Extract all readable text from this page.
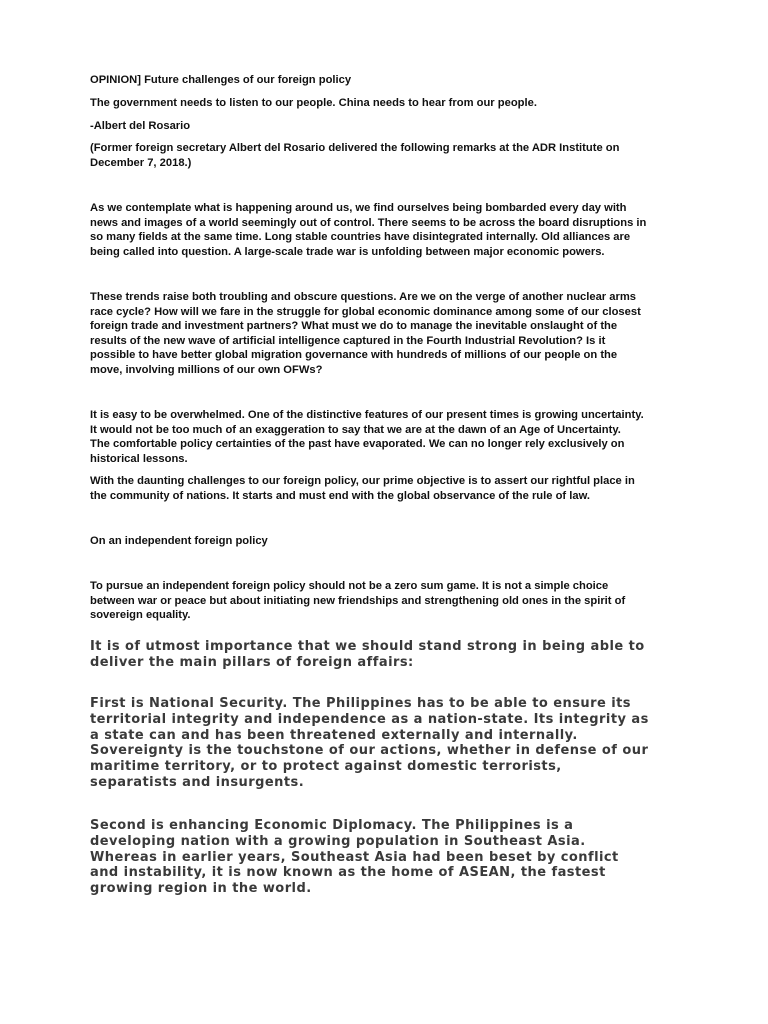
OPINION] Future challenges of our foreign policy
The government needs to listen to our people. China needs to hear from our people.
-Albert del Rosario
(Former foreign secretary Albert del Rosario delivered the following remarks at the ADR Institute on
December 7, 2018.)
As we contemplate what is happening around us, we find ourselves being bombarded every day with
news and images of a world seemingly out of control. There seems to be across the board disruptions in
so many fields at the same time. Long stable countries have disintegrated internally. Old alliances are
being called into question. A large-scale trade war is unfolding between major economic powers.
These trends raise both troubling and obscure questions. Are we on the verge of another nuclear arms
race cycle? How will we fare in the struggle for global economic dominance among some of our closest
foreign trade and investment partners? What must we do to manage the inevitable onslaught of the
results of the new wave of artificial intelligence captured in the Fourth Industrial Revolution? Is it
possible to have better global migration governance with hundreds of millions of our people on the
move, involving millions of our own OFWs?
It is easy to be overwhelmed. One of the distinctive features of our present times is growing uncertainty.
It would not be too much of an exaggeration to say that we are at the dawn of an Age of Uncertainty.
The comfortable policy certainties of the past have evaporated. We can no longer rely exclusively on
historical lessons.
With the daunting challenges to our foreign policy, our prime objective is to assert our rightful place in
the community of nations. It starts and must end with the global observance of the rule of law.
On an independent foreign policy
To pursue an independent foreign policy should not be a zero sum game. It is not a simple choice
between war or peace but about initiating new friendships and strengthening old ones in the spirit of
sovereign equality.
It is of utmost importance that we should stand strong in being able to
deliver the main pillars of foreign affairs:
First is National Security. The Philippines has to be able to ensure its
territorial integrity and independence as a nation-state. Its integrity as
a state can and has been threatened externally and internally.
Sovereignty is the touchstone of our actions, whether in defense of our
maritime territory, or to protect against domestic terrorists,
separatists and insurgents.
Second is enhancing Economic Diplomacy. The Philippines is a
developing nation with a growing population in Southeast Asia.
Whereas in earlier years, Southeast Asia had been beset by conflict
and instability, it is now known as the home of ASEAN, the fastest
growing region in the world.
